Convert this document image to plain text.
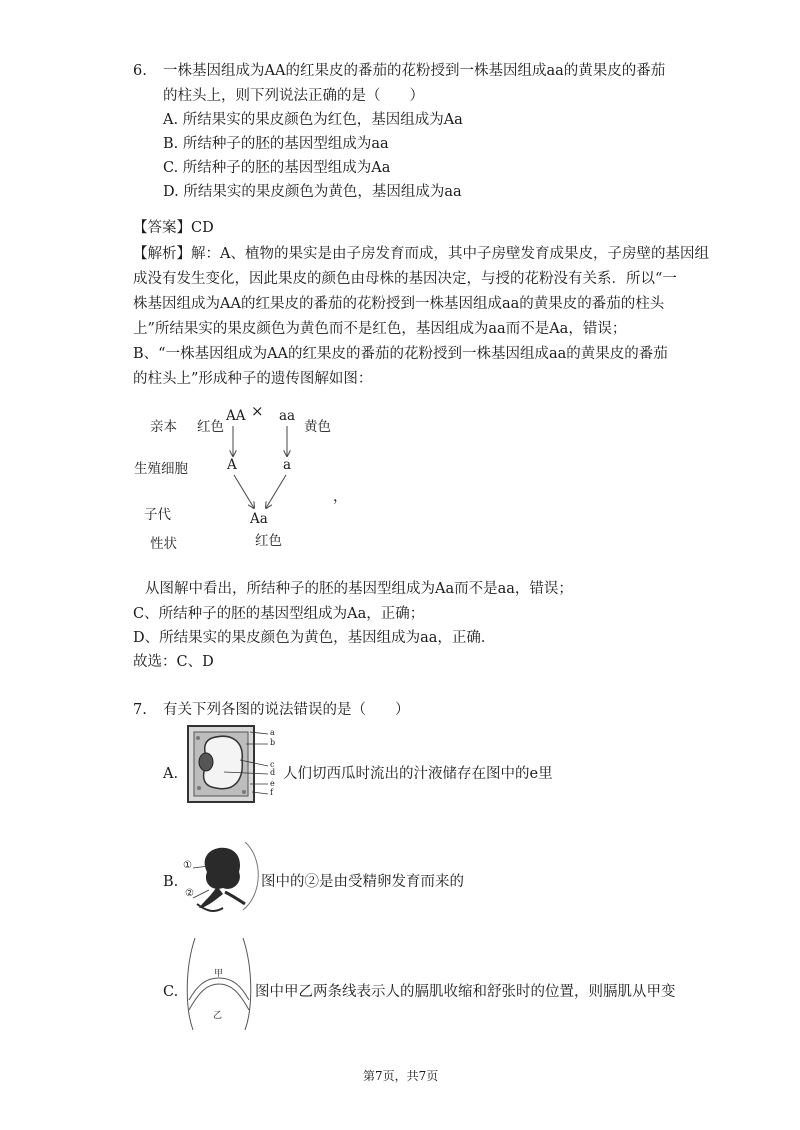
6. 一株基因组成为AA的红果皮的番茄的花粉授到一株基因组成aa的黄果皮的番茄
的柱头上，则下列说法正确的是（　　）
A. 所结果实的果皮颜色为红色，基因组成为Aa
B. 所结种子的胚的基因型组成为aa
C. 所结种子的胚的基因型组成为Aa
D. 所结果实的果皮颜色为黄色，基因组成为aa
【答案】CD
【解析】解：A、植物的果实是由子房发育而成，其中子房壁发育成果皮，子房壁的基因组
成没有发生变化，因此果皮的颜色由母株的基因决定，与授的花粉没有关系．所以“一
株基因组成为AA的红果皮的番茄的花粉授到一株基因组成aa的黄果皮的番茄的柱头
上”所结果实的果皮颜色为黄色而不是红色，基因组成为aa而不是Aa，错误；
B、“一株基因组成为AA的红果皮的番茄的花粉授到一株基因组成aa的黄果皮的番茄
的柱头上”形成种子的遗传图解如图：
亲本
生殖细胞
子代
性状
红色
AA × aa
黄色
A	a
Aa
红色
，
从图解中看出，所结种子的胚的基因型组成为Aa而不是aa，错误；
C、所结种子的胚的基因型组成为Aa，正确；
D、所结果实的果皮颜色为黄色，基因组成为aa，正确．
故选：C、D
7. 有关下列各图的说法错误的是（　　）
A.
a
b
c
d
e
f
人们切西瓜时流出的汁液储存在图中的e里
B.
①
②
图中的②是由受精卵发育而来的
C.
甲
乙
图中甲乙两条线表示人的膈肌收缩和舒张时的位置，则膈肌从甲变
第7页，共7页
